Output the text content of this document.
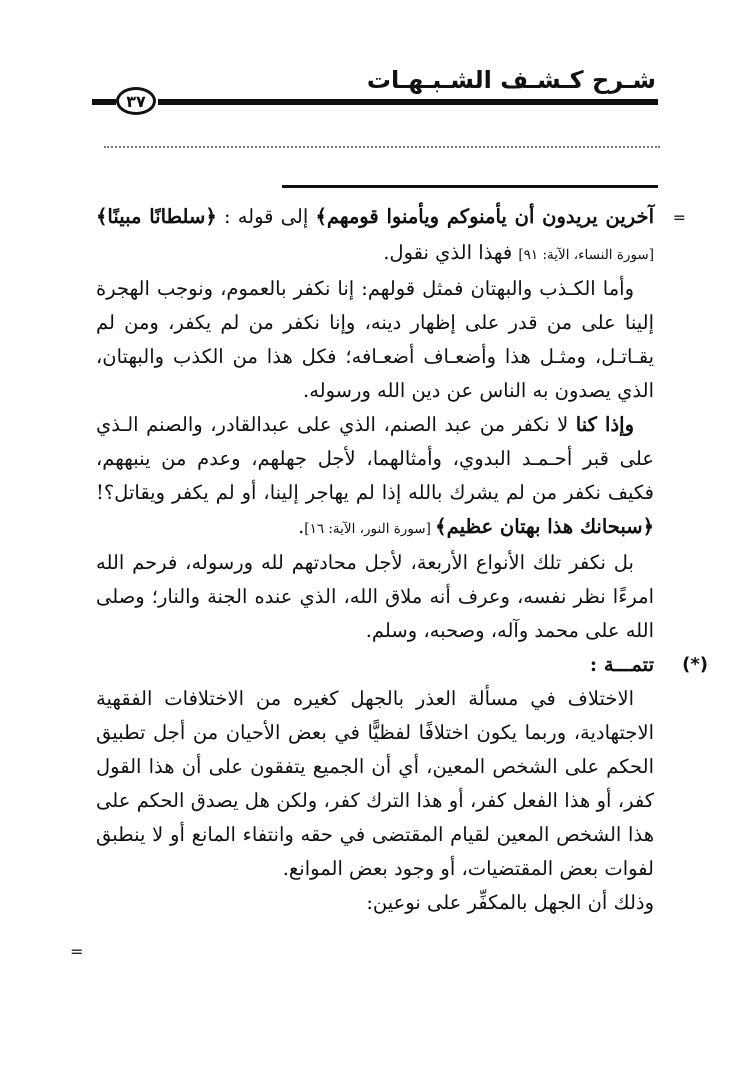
شـرح كـشـف الشـبـهـات
٣٧
=
=

آخرين يريدون أن يأمنوكم ويأمنوا قومهم﴾ إلى قوله : ﴿سلطانًا مبينًا﴾ [سورة النساء، الآية: ٩١] فهذا الذي نقول.

وأما الكـذب والبهتان فمثل قولهم: إنا نكفر بالعموم، ونوجب الهجرة إلينا على من قدر على إظهار دينه، وإنا نكفر من لم يكفر، ومن لم يقـاتـل، ومثـل هذا وأضعـاف أضعـافه؛ فكل هذا من الكذب والبهتان، الذي يصدون به الناس عن دين الله ورسوله.

وإذا كنا لا نكفر من عبد الصنم، الذي على عبدالقادر، والصنم الـذي على قبر أحـمـد البدوي، وأمثالهما، لأجل جهلهم، وعدم من ينبههم، فكيف نكفر من لم يشرك بالله إذا لم يهاجر إلينا، أو لم يكفر ويقاتل؟! ﴿سبحانك هذا بهتان عظيم﴾ [سورة النور، الآية: ١٦].

بل نكفر تلك الأنواع الأربعة، لأجل محادتهم لله ورسوله، فرحم الله امرءًا نظر نفسه، وعرف أنه ملاق الله، الذي عنده الجنة والنار؛ وصلى الله على محمد وآله، وصحبه، وسلم.

(*)
تتمـــة :

الاختلاف في مسألة العذر بالجهل كغيره من الاختلافات الفقهية الاجتهادية، وربما يكون اختلافًا لفظيًّا في بعض الأحيان من أجل تطبيق الحكم على الشخص المعين، أي أن الجميع يتفقون على أن هذا القول كفر، أو هذا الفعل كفر، أو هذا الترك كفر، ولكن هل يصدق الحكم على هذا الشخص المعين لقيام المقتضى في حقه وانتفاء المانع أو لا ينطبق لفوات بعض المقتضيات، أو وجود بعض الموانع.

وذلك أن الجهل بالمكفِّر على نوعين:
